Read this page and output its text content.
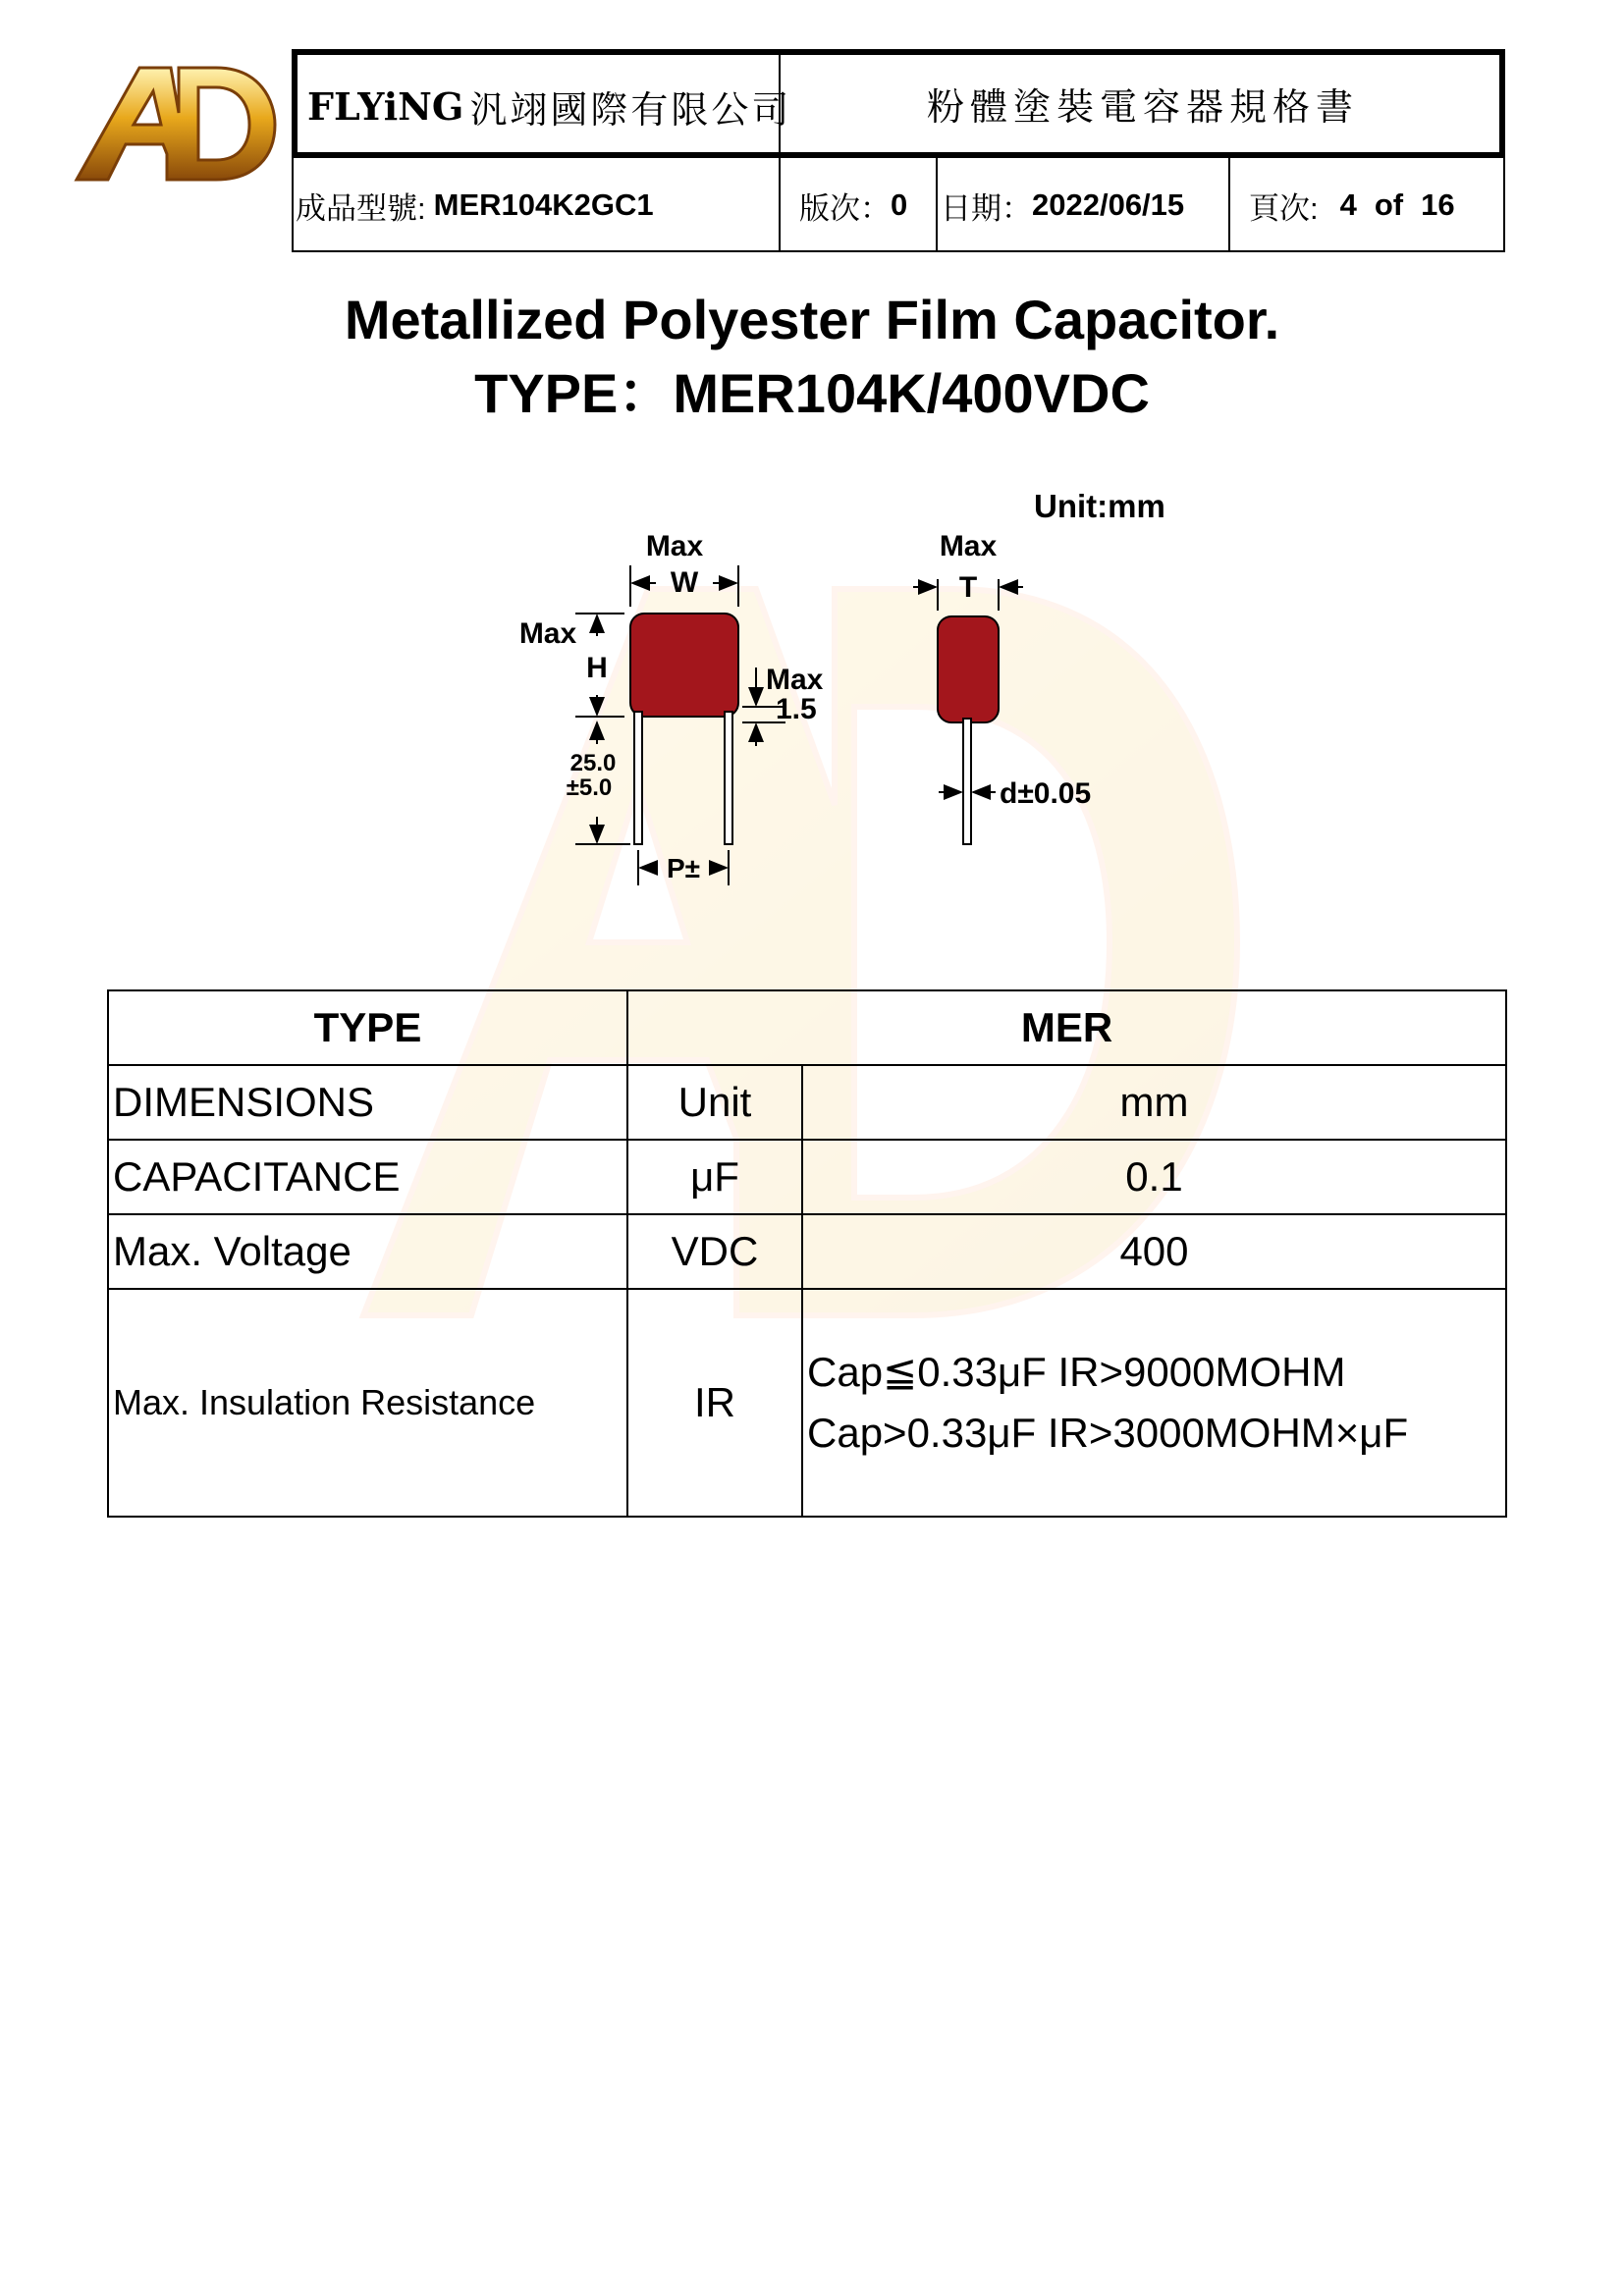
FLYiNG 汎翊國際有限公司	粉體塗裝電容器規格書
成品型號: MER104K2GC1	版次： 0 日期： 2022/06/15 頁次: 4 of 16
Metallized Polyester Film Capacitor.
TYPE：MER104K/400VDC
Unit:mm
Max
W
Max
H	Max
1.5
25.0
±5.0
P±
Max
T
d±0.05
TYPE	MER	
DIMENSIONS	Unit	mm
CAPACITANCE	μF	0.1
Max. Voltage	VDC	400
Max. Insulation Resistance	IR	Cap≦0.33μF IR>9000MOHM
Cap>0.33μF IR>3000MOHM×μF
